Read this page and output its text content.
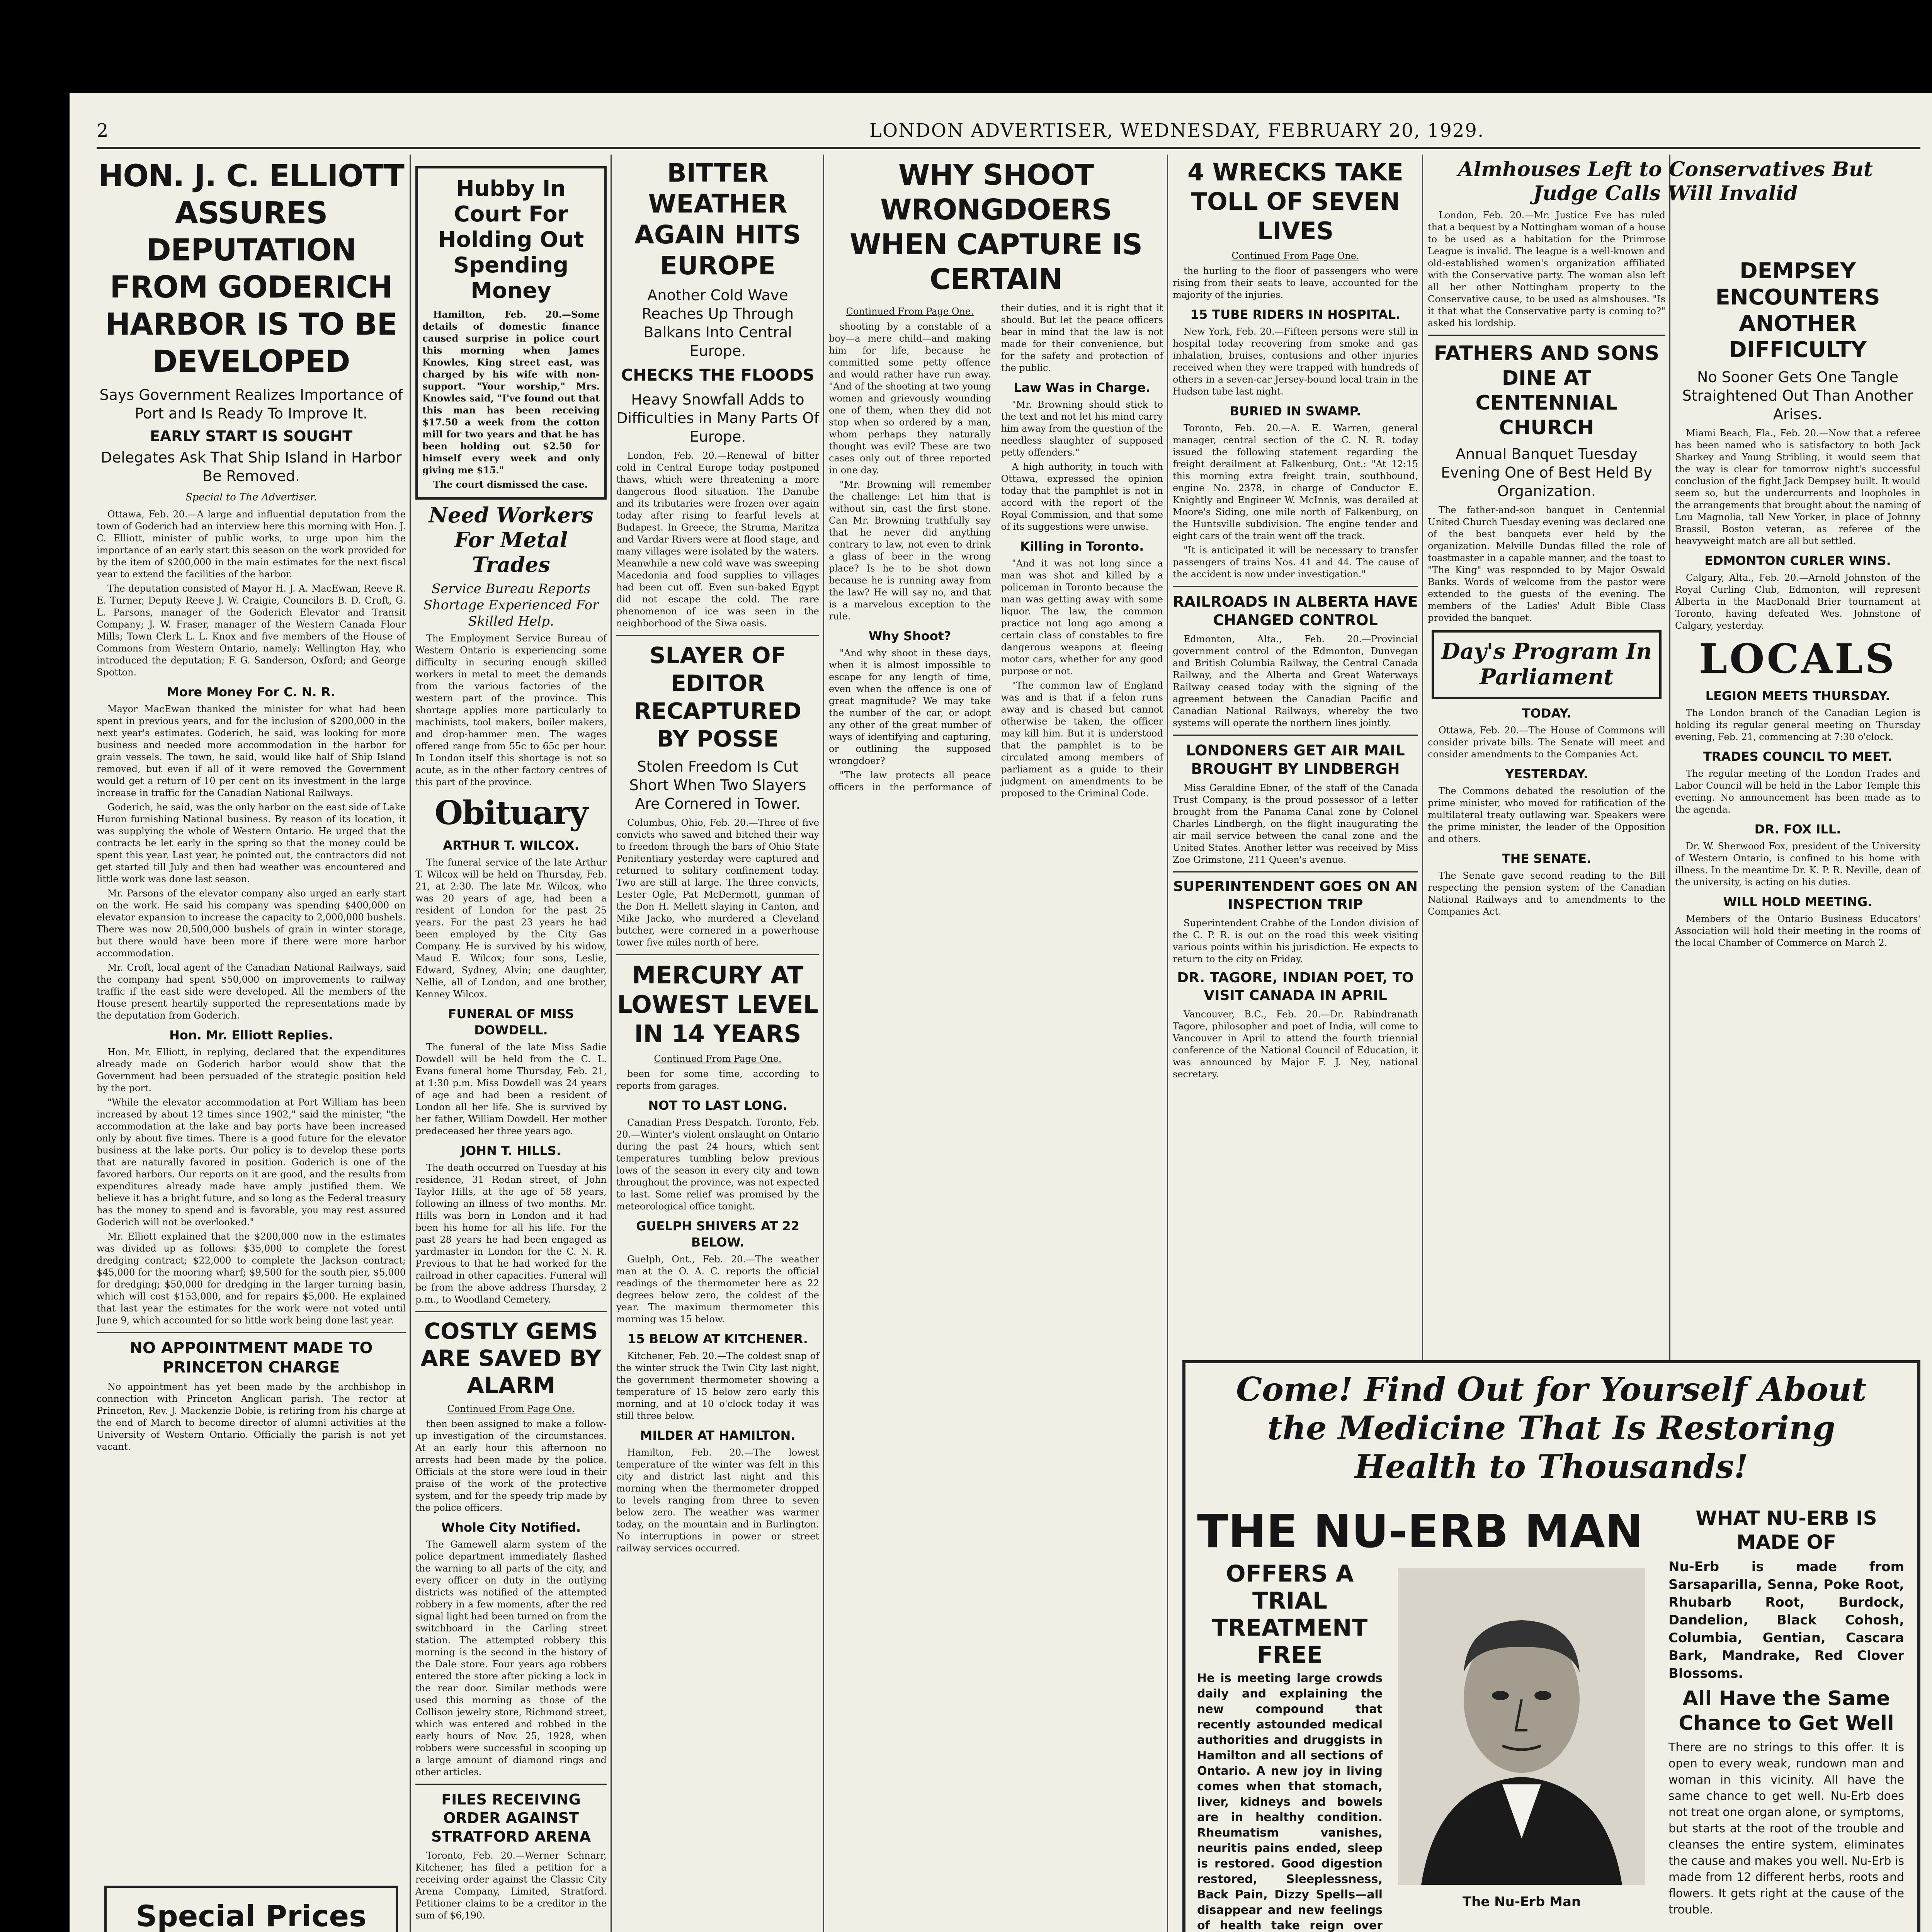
2	LONDON ADVERTISER, WEDNESDAY, FEBRUARY 20, 1929.
HON. J. C. ELLIOTT ASSURES DEPUTATION FROM GODERICH HARBOR IS TO BE DEVELOPED
Says Government Realizes Importance of Port and Is Ready To Improve It.
EARLY START IS SOUGHT
Delegates Ask That Ship Island in Harbor Be Removed.
Special to The Advertiser.

Ottawa, Feb. 20.—A large and influential deputation from the town of Goderich had an interview here this morning with Hon. J. C. Elliott, minister of public works, to urge upon him the importance of an early start this season on the work provided for by the item of $200,000 in the main estimates for the next fiscal year to extend the facilities of the harbor.

The deputation consisted of Mayor H. J. A. MacEwan, Reeve R. E. Turner, Deputy Reeve J. W. Craigie, Councilors B. D. Croft, G. L. Parsons, manager of the Goderich Elevator and Transit Company; J. W. Fraser, manager of the Western Canada Flour Mills; Town Clerk L. L. Knox and five members of the House of Commons from Western Ontario, namely: Wellington Hay, who introduced the deputation; F. G. Sanderson, Oxford; and George Spotton.

More Money For C. N. R.

Mayor MacEwan thanked the minister for what had been spent in previous years, and for the inclusion of $200,000 in the next year's estimates. Goderich, he said, was looking for more business and needed more accommodation in the harbor for grain vessels. The town, he said, would like half of Ship Island removed, but even if all of it were removed the Government would get a return of 10 per cent on its investment in the large increase in traffic for the Canadian National Railways.

Goderich, he said, was the only harbor on the east side of Lake Huron furnishing National business. By reason of its location, it was supplying the whole of Western Ontario. He urged that the contracts be let early in the spring so that the money could be spent this year. Last year, he pointed out, the contractors did not get started till July and then bad weather was encountered and little work was done last season.

Mr. Parsons of the elevator company also urged an early start on the work. He said his company was spending $400,000 on elevator expansion to increase the capacity to 2,000,000 bushels. There was now 20,500,000 bushels of grain in winter storage, but there would have been more if there were more harbor accommodation.

Mr. Croft, local agent of the Canadian National Railways, said the company had spent $50,000 on improvements to railway traffic if the east side were developed. All the members of the House present heartily supported the representations made by the deputation from Goderich.

Hon. Mr. Elliott Replies.

Hon. Mr. Elliott, in replying, declared that the expenditures already made on Goderich harbor would show that the Government had been persuaded of the strategic position held by the port.

"While the elevator accommodation at Port William has been increased by about 12 times since 1902," said the minister, "the accommodation at the lake and bay ports have been increased only by about five times. There is a good future for the elevator business at the lake ports. Our policy is to develop these ports that are naturally favored in position. Goderich is one of the favored harbors. Our reports on it are good, and the results from expenditures already made have amply justified them. We believe it has a bright future, and so long as the Federal treasury has the money to spend and is favorable, you may rest assured Goderich will not be overlooked."

Mr. Elliott explained that the $200,000 now in the estimates was divided up as follows: $35,000 to complete the forest dredging contract; $22,000 to complete the Jackson contract; $45,000 for the mooring wharf; $9,500 for the south pier, $5,000 for dredging; $50,000 for dredging in the larger turning basin, which will cost $153,000, and for repairs $5,000. He explained that last year the estimates for the work were not voted until June 9, which accounted for so little work being done last year.

NO APPOINTMENT MADE TO PRINCETON CHARGE

No appointment has yet been made by the archbishop in connection with Princeton Anglican parish. The rector at Princeton, Rev. J. Mackenzie Dobie, is retiring from his charge at the end of March to become director of alumni activities at the University of Western Ontario. Officially the parish is not yet vacant.

Special Prices
Hubby In Court For Holding Out Spending Money

Hamilton, Feb. 20.—Some details of domestic finance caused surprise in police court this morning when James Knowles, King street east, was charged by his wife with non-support. "Your worship," Mrs. Knowles said, "I've found out that this man has been receiving $17.50 a week from the cotton mill for two years and that he has been holding out $2.50 for himself every week and only giving me $15."

The court dismissed the case.

Need Workers For Metal Trades
Service Bureau Reports Shortage Experienced For Skilled Help.

The Employment Service Bureau of Western Ontario is experiencing some difficulty in securing enough skilled workers in metal to meet the demands from the various factories of the western part of the province. This shortage applies more particularly to machinists, tool makers, boiler makers, and drop-hammer men. The wages offered range from 55c to 65c per hour. In London itself this shortage is not so acute, as in the other factory centres of this part of the province.

Obituary
ARTHUR T. WILCOX.

The funeral service of the late Arthur T. Wilcox will be held on Thursday, Feb. 21, at 2:30. The late Mr. Wilcox, who was 20 years of age, had been a resident of London for the past 25 years. For the past 23 years he had been employed by the City Gas Company. He is survived by his widow, Maud E. Wilcox; four sons, Leslie, Edward, Sydney, Alvin; one daughter, Nellie, all of London, and one brother, Kenney Wilcox.

FUNERAL OF MISS DOWDELL.

The funeral of the late Miss Sadie Dowdell will be held from the C. L. Evans funeral home Thursday, Feb. 21, at 1:30 p.m. Miss Dowdell was 24 years of age and had been a resident of London all her life. She is survived by her father, William Dowdell. Her mother predeceased her three years ago.

JOHN T. HILLS.

The death occurred on Tuesday at his residence, 31 Redan street, of John Taylor Hills, at the age of 58 years, following an illness of two months. Mr. Hills was born in London and it had been his home for all his life. For the past 28 years he had been engaged as yardmaster in London for the C. N. R. Previous to that he had worked for the railroad in other capacities. Funeral will be from the above address Thursday, 2 p.m., to Woodland Cemetery.

COSTLY GEMS ARE SAVED BY ALARM
Continued From Page One.

then been assigned to make a follow-up investigation of the circumstances. At an early hour this afternoon no arrests had been made by the police. Officials at the store were loud in their praise of the work of the protective system, and for the speedy trip made by the police officers.

Whole City Notified.

The Gamewell alarm system of the police department immediately flashed the warning to all parts of the city, and every officer on duty in the outlying districts was notified of the attempted robbery in a few moments, after the red signal light had been turned on from the switchboard in the Carling street station. The attempted robbery this morning is the second in the history of the Dale store. Four years ago robbers entered the store after picking a lock in the rear door. Similar methods were used this morning as those of the Collison jewelry store, Richmond street, which was entered and robbed in the early hours of Nov. 25, 1928, when robbers were successful in scooping up a large amount of diamond rings and other articles.

FILES RECEIVING ORDER AGAINST STRATFORD ARENA

Toronto, Feb. 20.—Werner Schnarr, Kitchener, has filed a petition for a receiving order against the Classic City Arena Company, Limited, Stratford. Petitioner claims to be a creditor in the sum of $6,190.

BITTER WEATHER AGAIN HITS EUROPE
Another Cold Wave Reaches Up Through Balkans Into Central Europe.
CHECKS THE FLOODS
Heavy Snowfall Adds to Difficulties in Many Parts Of Europe.

London, Feb. 20.—Renewal of bitter cold in Central Europe today postponed thaws, which were threatening a more dangerous flood situation. The Danube and its tributaries were frozen over again today after rising to fearful levels at Budapest. In Greece, the Struma, Maritza and Vardar Rivers were at flood stage, and many villages were isolated by the waters. Meanwhile a new cold wave was sweeping Macedonia and food supplies to villages had been cut off. Even sun-baked Egypt did not escape the cold. The rare phenomenon of ice was seen in the neighborhood of the Siwa oasis.

SLAYER OF EDITOR RECAPTURED BY POSSE
Stolen Freedom Is Cut Short When Two Slayers Are Cornered in Tower.

Columbus, Ohio, Feb. 20.—Three of five convicts who sawed and bitched their way to freedom through the bars of Ohio State Penitentiary yesterday were captured and returned to solitary confinement today. Two are still at large. The three convicts, Lester Ogle, Pat McDermott, gunman of the Don H. Mellett slaying in Canton, and Mike Jacko, who murdered a Cleveland butcher, were cornered in a powerhouse tower five miles north of here.

MERCURY AT LOWEST LEVEL IN 14 YEARS
Continued From Page One.

been for some time, according to reports from garages.

NOT TO LAST LONG.

Canadian Press Despatch. Toronto, Feb. 20.—Winter's violent onslaught on Ontario during the past 24 hours, which sent temperatures tumbling below previous lows of the season in every city and town throughout the province, was not expected to last. Some relief was promised by the meteorological office tonight.

GUELPH SHIVERS AT 22 BELOW.

Guelph, Ont., Feb. 20.—The weather man at the O. A. C. reports the official readings of the thermometer here as 22 degrees below zero, the coldest of the year. The maximum thermometer this morning was 15 below.

15 BELOW AT KITCHENER.

Kitchener, Feb. 20.—The coldest snap of the winter struck the Twin City last night, the government thermometer showing a temperature of 15 below zero early this morning, and at 10 o'clock today it was still three below.

MILDER AT HAMILTON.

Hamilton, Feb. 20.—The lowest temperature of the winter was felt in this city and district last night and this morning when the thermometer dropped to levels ranging from three to seven below zero. The weather was warmer today, on the mountain and in Burlington. No interruptions in power or street railway services occurred.

WHY SHOOT WRONGDOERS WHEN CAPTURE IS CERTAIN
Continued From Page One.

shooting by a constable of a boy—a mere child—and making him for life, because he committed some petty offence and would rather have run away. "And of the shooting at two young women and grievously wounding one of them, when they did not stop when so ordered by a man, whom perhaps they naturally thought was evil? These are two cases only out of three reported in one day.

"Mr. Browning will remember the challenge: Let him that is without sin, cast the first stone. Can Mr. Browning truthfully say that he never did anything contrary to law, not even to drink a glass of beer in the wrong place? Is he to be shot down because he is running away from the law? He will say no, and that is a marvelous exception to the rule.

Why Shoot?

"And why shoot in these days, when it is almost impossible to escape for any length of time, even when the offence is one of great magnitude? We may take the number of the car, or adopt any other of the great number of ways of identifying and capturing, or outlining the supposed wrongdoer?

"The law protects all peace officers in the performance of their duties, and it is right that it should. But let the peace officers bear in mind that the law is not made for their convenience, but for the safety and protection of the public.

Law Was in Charge.

"Mr. Browning should stick to the text and not let his mind carry him away from the question of the needless slaughter of supposed petty offenders."

A high authority, in touch with Ottawa, expressed the opinion today that the pamphlet is not in accord with the report of the Royal Commission, and that some of its suggestions were unwise.

Killing in Toronto.

"And it was not long since a man was shot and killed by a policeman in Toronto because the man was getting away with some liquor. The law, the common practice not long ago among a certain class of constables to fire dangerous weapons at fleeing motor cars, whether for any good purpose or not.

"The common law of England was and is that if a felon runs away and is chased but cannot otherwise be taken, the officer may kill him. But it is understood that the pamphlet is to be circulated among members of parliament as a guide to their judgment on amendments to be proposed to the Criminal Code.

4 WRECKS TAKE TOLL OF SEVEN LIVES
Continued From Page One.

the hurling to the floor of passengers who were rising from their seats to leave, accounted for the majority of the injuries.

15 TUBE RIDERS IN HOSPITAL.

New York, Feb. 20.—Fifteen persons were still in hospital today recovering from smoke and gas inhalation, bruises, contusions and other injuries received when they were trapped with hundreds of others in a seven-car Jersey-bound local train in the Hudson tube last night.

BURIED IN SWAMP.

Toronto, Feb. 20.—A. E. Warren, general manager, central section of the C. N. R. today issued the following statement regarding the freight derailment at Falkenburg, Ont.: "At 12:15 this morning extra freight train, southbound, engine No. 2378, in charge of Conductor E. Knightly and Engineer W. McInnis, was derailed at Moore's Siding, one mile north of Falkenburg, on the Huntsville subdivision. The engine tender and eight cars of the train went off the track.

"It is anticipated it will be necessary to transfer passengers of trains Nos. 41 and 44. The cause of the accident is now under investigation."

RAILROADS IN ALBERTA HAVE CHANGED CONTROL

Edmonton, Alta., Feb. 20.—Provincial government control of the Edmonton, Dunvegan and British Columbia Railway, the Central Canada Railway, and the Alberta and Great Waterways Railway ceased today with the signing of the agreement between the Canadian Pacific and Canadian National Railways, whereby the two systems will operate the northern lines jointly.

LONDONERS GET AIR MAIL BROUGHT BY LINDBERGH

Miss Geraldine Ebner, of the staff of the Canada Trust Company, is the proud possessor of a letter brought from the Panama Canal zone by Colonel Charles Lindbergh, on the flight inaugurating the air mail service between the canal zone and the United States. Another letter was received by Miss Zoe Grimstone, 211 Queen's avenue.

SUPERINTENDENT GOES ON AN INSPECTION TRIP

Superintendent Crabbe of the London division of the C. P. R. is out on the road this week visiting various points within his jurisdiction. He expects to return to the city on Friday.

DR. TAGORE, INDIAN POET, TO VISIT CANADA IN APRIL

Vancouver, B.C., Feb. 20.—Dr. Rabindranath Tagore, philosopher and poet of India, will come to Vancouver in April to attend the fourth triennial conference of the National Council of Education, it was announced by Major F. J. Ney, national secretary.

Almhouses Left to Conservatives But Judge Calls Will Invalid

London, Feb. 20.—Mr. Justice Eve has ruled that a bequest by a Nottingham woman of a house to be used as a habitation for the Primrose League is invalid. The league is a well-known and old-established women's organization affiliated with the Conservative party. The woman also left all her other Nottingham property to the Conservative cause, to be used as almshouses. "Is it that what the Conservative party is coming to?" asked his lordship.

FATHERS AND SONS DINE AT CENTENNIAL CHURCH
Annual Banquet Tuesday Evening One of Best Held By Organization.

The father-and-son banquet in Centennial United Church Tuesday evening was declared one of the best banquets ever held by the organization. Melville Dundas filled the role of toastmaster in a capable manner, and the toast to "The King" was responded to by Major Oswald Banks. Words of welcome from the pastor were extended to the guests of the evening. The members of the Ladies' Adult Bible Class provided the banquet.

Day's Program In Parliament
TODAY.

Ottawa, Feb. 20.—The House of Commons will consider private bills. The Senate will meet and consider amendments to the Companies Act.

YESTERDAY.

The Commons debated the resolution of the prime minister, who moved for ratification of the multilateral treaty outlawing war. Speakers were the prime minister, the leader of the Opposition and others.

THE SENATE.

The Senate gave second reading to the Bill respecting the pension system of the Canadian National Railways and to amendments to the Companies Act.

DEMPSEY ENCOUNTERS ANOTHER DIFFICULTY
No Sooner Gets One Tangle Straightened Out Than Another Arises.

Miami Beach, Fla., Feb. 20.—Now that a referee has been named who is satisfactory to both Jack Sharkey and Young Stribling, it would seem that the way is clear for tomorrow night's successful conclusion of the fight Jack Dempsey built. It would seem so, but the undercurrents and loopholes in the arrangements that brought about the naming of Lou Magnolia, tall New Yorker, in place of Johnny Brassil, Boston veteran, as referee of the heavyweight match are all but settled.

EDMONTON CURLER WINS.

Calgary, Alta., Feb. 20.—Arnold Johnston of the Royal Curling Club, Edmonton, will represent Alberta in the MacDonald Brier tournament at Toronto, having defeated Wes. Johnstone of Calgary, yesterday.

LOCALS
LEGION MEETS THURSDAY.

The London branch of the Canadian Legion is holding its regular general meeting on Thursday evening, Feb. 21, commencing at 7:30 o'clock.

TRADES COUNCIL TO MEET.

The regular meeting of the London Trades and Labor Council will be held in the Labor Temple this evening. No announcement has been made as to the agenda.

DR. FOX ILL.

Dr. W. Sherwood Fox, president of the University of Western Ontario, is confined to his home with illness. In the meantime Dr. K. P. R. Neville, dean of the university, is acting on his duties.

WILL HOLD MEETING.

Members of the Ontario Business Educators' Association will hold their meeting in the rooms of the local Chamber of Commerce on March 2.

Come! Find Out for Yourself About the Medicine That Is Restoring Health to Thousands!
THE NU-ERB MAN
OFFERS A TRIAL TREATMENT FREE

He is meeting large crowds daily and explaining the new compound that recently astounded medical authorities and druggists in Hamilton and all sections of Ontario. A new joy in living comes when that stomach, liver, kidneys and bowels are in healthy condition. Rheumatism vanishes, neuritis pains ended, sleep is restored. Good digestion restored, Sleeplessness, Back Pain, Dizzy Spells—all disappear and new feelings of health take reign over

The Nu-Erb Man
WHAT NU-ERB IS MADE OF

Nu-Erb is made from Sarsaparilla, Senna, Poke Root, Rhubarb Root, Burdock, Dandelion, Black Cohosh, Columbia, Gentian, Cascara Bark, Mandrake, Red Clover Blossoms.

All Have the Same Chance to Get Well

There are no strings to this offer. It is open to every weak, rundown man and woman in this vicinity. All have the same chance to get well. Nu-Erb does not treat one organ alone, or symptoms, but starts at the root of the trouble and cleanses the entire system, eliminates the cause and makes you well. Nu-Erb is made from 12 different herbs, roots and flowers. It gets right at the cause of the trouble.
